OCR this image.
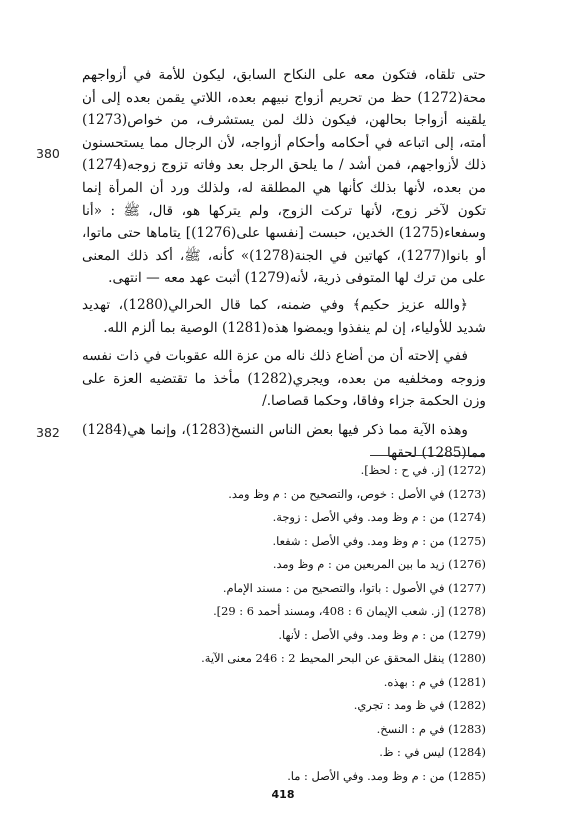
380
382

حتى تلقاه، فتكون معه على النكاح السابق، ليكون للأمة في أزواجهم محة(1272) حظ من تحريم أزواج نبيهم بعده، اللاتي يقمن بعده إلى أن يلقينه أزواجا بحالهن، فيكون ذلك لمن يستشرف، من خواص(1273) أمته، إلى اتباعه في أحكامه وأحكام أزواجه، لأن الرجال مما يستحسنون ذلك لأزواجهم، فمن أشد / ما يلحق الرجل بعد وفاته تزوج زوجه(1274) من بعده، لأنها بذلك كأنها هي المطلقة له، ولذلك ورد أن المرأة إنما تكون لآخر زوج، لأنها تركت الزوج، ولم يتركها هو، قال، ﷺ : «أنا وسفعاء(1275) الخدين، حبست [نفسها على(1276)] يتاماها حتى ماتوا، أو بانوا(1277)، كهاتين في الجنة(1278)» كأنه، ﷺ، أكد ذلك المعنى على من ترك لها المتوفى ذرية، لأنه(1279) أثبت عهد معه — انتهى.

﴿والله عزيز حكيم﴾ وفي ضمنه، كما قال الحرالي(1280)، تهديد شديد للأولياء، إن لم ينفذوا ويمضوا هذه(1281) الوصية بما ألزم الله.

ففي إلاحته أن من أضاع ذلك ناله من عزة الله عقوبات في ذات نفسه وزوجه ومخلفيه من بعده، ويجري(1282) مأخذ ما تقتضيه العزة على وزن الحكمة جزاء وفاقا، وحكما قصاصا./

وهذه الآية مما ذكر فيها بعض الناس النسخ(1283)، وإنما هي(1284) مما(1285) لحقها

(1272) [ز. في ح : لحظ].
(1273) في الأصل : خوص، والتصحيح من : م وظ ومد.
(1274) من : م وظ ومد. وفي الأصل : زوجة.
(1275) من : م وظ ومد. وفي الأصل : شفعا.
(1276) زيد ما بين المربعين من : م وظ ومد.
(1277) في الأصول : باتوا، والتصحيح من : مسند الإمام.
(1278) [ز. شعب الإيمان 6 : 408، ومسند أحمد 6 : 29].
(1279) من : م وظ ومد. وفي الأصل : لأنها.
(1280) ينقل المحقق عن البحر المحيط 2 : 246 معنى الآية.
(1281) في م : بهذه.
(1282) في ظ ومد : تجري.
(1283) في م : النسخ.
(1284) ليس في : ظ.
(1285) من : م وظ ومد. وفي الأصل : ما.
418
